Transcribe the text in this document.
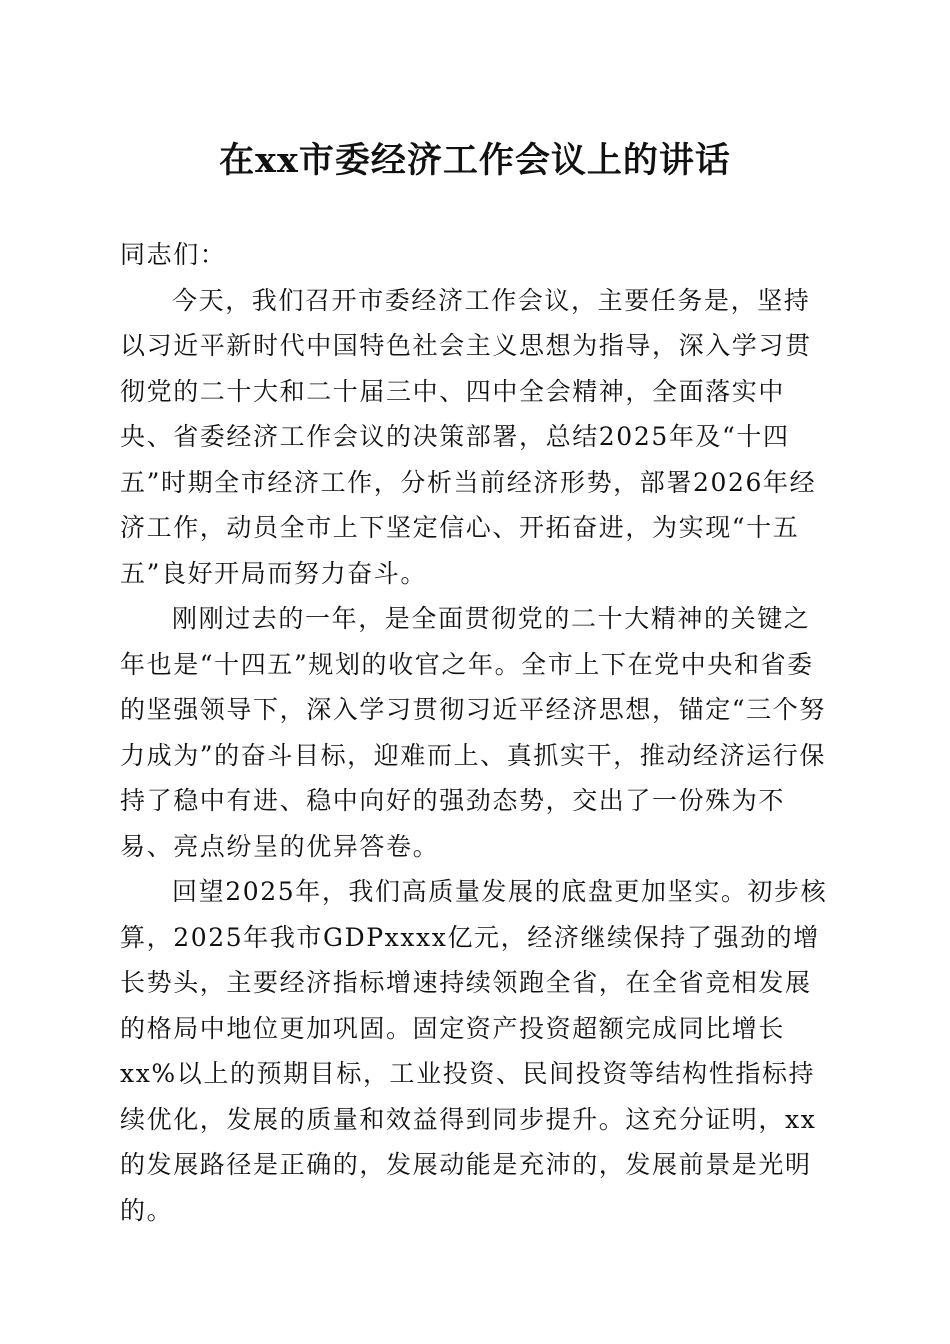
在xx市委经济工作会议上的讲话

同志们：

今天，我们召开市委经济工作会议，主要任务是，坚持以习近平新时代中国特色社会主义思想为指导，深入学习贯彻党的二十大和二十届三中、四中全会精神，全面落实中央、省委经济工作会议的决策部署，总结2025年及“十四五”时期全市经济工作，分析当前经济形势，部署2026年经济工作，动员全市上下坚定信心、开拓奋进，为实现“十五五”良好开局而努力奋斗。

刚刚过去的一年，是全面贯彻党的二十大精神的关键之年也是“十四五”规划的收官之年。全市上下在党中央和省委的坚强领导下，深入学习贯彻习近平经济思想，锚定“三个努力成为”的奋斗目标，迎难而上、真抓实干，推动经济运行保持了稳中有进、稳中向好的强劲态势，交出了一份殊为不易、亮点纷呈的优异答卷。

回望2025年，我们高质量发展的底盘更加坚实。初步核算，2025年我市GDPxxxx亿元，经济继续保持了强劲的增长势头，主要经济指标增速持续领跑全省，在全省竞相发展的格局中地位更加巩固。固定资产投资超额完成同比增长xx%以上的预期目标，工业投资、民间投资等结构性指标持续优化，发展的质量和效益得到同步提升。这充分证明，xx的发展路径是正确的，发展动能是充沛的，发展前景是光明的。
